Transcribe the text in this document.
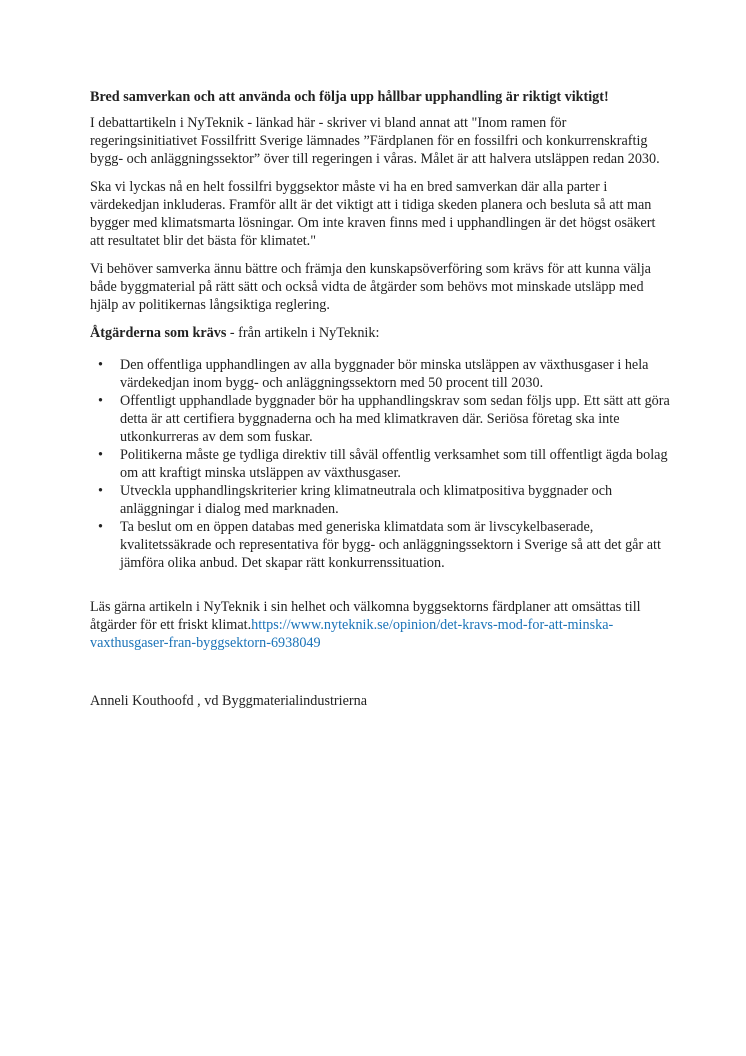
Bred samverkan och att använda och följa upp hållbar upphandling är riktigt viktigt!

I debattartikeln i NyTeknik - länkad här - skriver vi bland annat att "Inom ramen för regeringsinitiativet Fossilfritt Sverige lämnades ”Färdplanen för en fossilfri och konkurrenskraftig bygg- och anläggningssektor” över till regeringen i våras. Målet är att halvera utsläppen redan 2030.

Ska vi lyckas nå en helt fossilfri byggsektor måste vi ha en bred samverkan där alla parter i värdekedjan inkluderas. Framför allt är det viktigt att i tidiga skeden planera och besluta så att man bygger med klimatsmarta lösningar. Om inte kraven finns med i upphandlingen är det högst osäkert att resultatet blir det bästa för klimatet."

Vi behöver samverka ännu bättre och främja den kunskapsöverföring som krävs för att kunna välja både byggmaterial på rätt sätt och också vidta de åtgärder som behövs mot minskade utsläpp med hjälp av politikernas långsiktiga reglering.

Åtgärderna som krävs - från artikeln i NyTeknik:
• Den offentliga upphandlingen av alla byggnader bör minska utsläppen av växthusgaser i hela värdekedjan inom bygg- och anläggningssektorn med 50 procent till 2030.
• Offentligt upphandlade byggnader bör ha upphandlingskrav som sedan följs upp. Ett sätt att göra detta är att certifiera byggnaderna och ha med klimatkraven där. Seriösa företag ska inte utkonkurreras av dem som fuskar.
• Politikerna måste ge tydliga direktiv till såväl offentlig verksamhet som till offentligt ägda bolag om att kraftigt minska utsläppen av växthusgaser.
• Utveckla upphandlingskriterier kring klimatneutrala och klimatpositiva byggnader och anläggningar i dialog med marknaden.
• Ta beslut om en öppen databas med generiska klimatdata som är livscykelbaserade, kvalitetssäkrade och representativa för bygg- och anläggningssektorn i Sverige så att det går att jämföra olika anbud. Det skapar rätt konkurrenssituation.

Läs gärna artikeln i NyTeknik i sin helhet och välkomna byggsektorns färdplaner att omsättas till åtgärder för ett friskt klimat.https://www.nyteknik.se/opinion/det-kravs-mod-for-att-minska-vaxthusgaser-fran-byggsektorn-6938049

Anneli Kouthoofd , vd Byggmaterialindustrierna
